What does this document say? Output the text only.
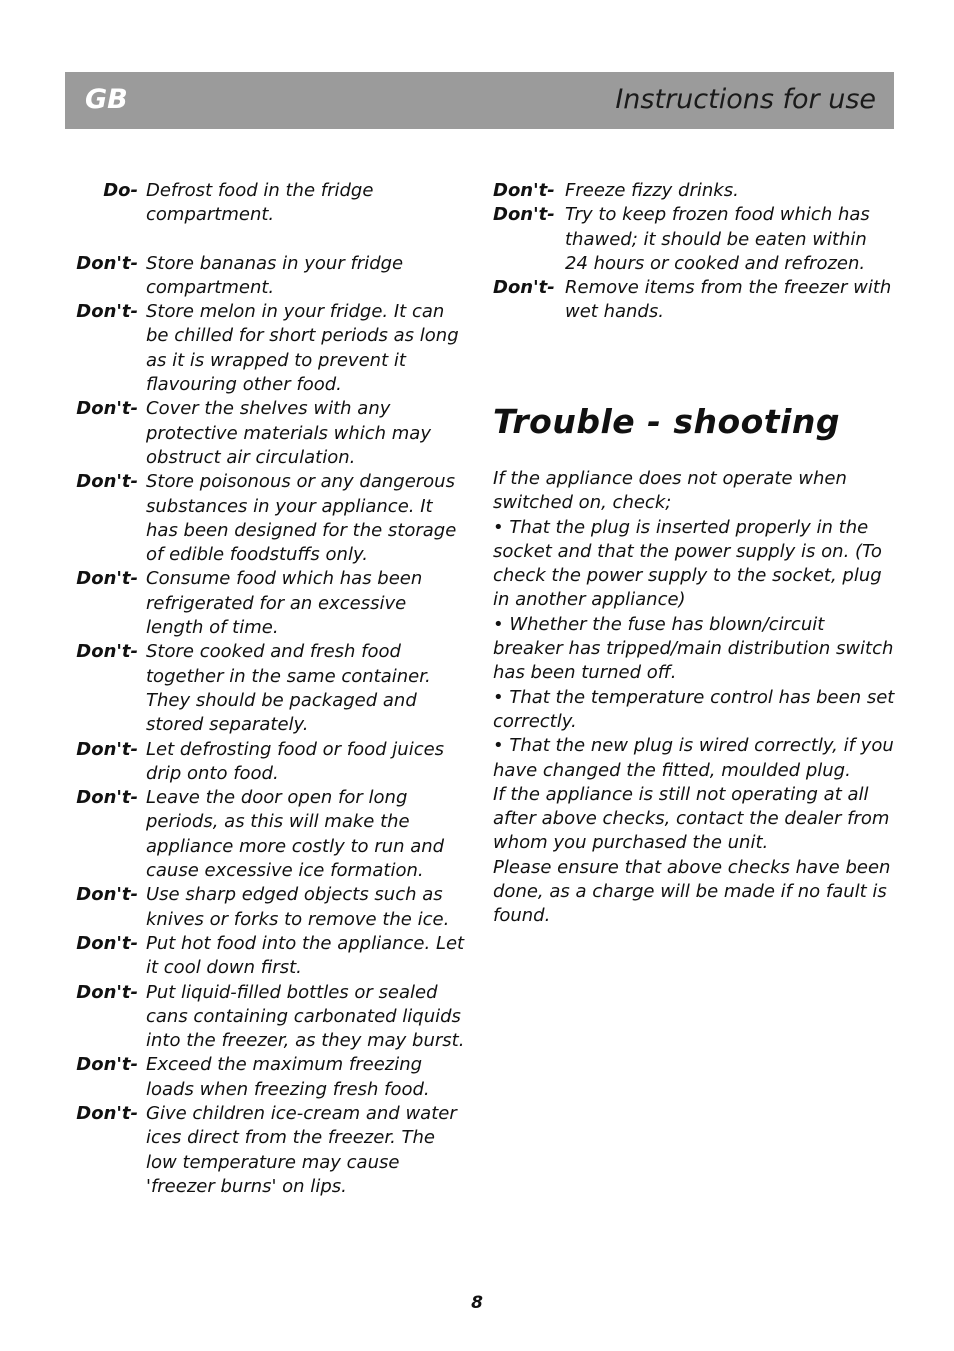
GB	Instructions for use
Do- Defrost food in the fridge compartment.
Don't- Store bananas in your fridge compartment.
Don't- Store melon in your fridge. It can be chilled for short periods as long as it is wrapped to prevent it flavouring other food.
Don't- Cover the shelves with any protective materials which may obstruct air circulation.
Don't- Store poisonous or any dangerous substances in your appliance. It has been designed for the storage of edible foodstuffs only.
Don't- Consume food which has been refrigerated for an excessive length of time.
Don't- Store cooked and fresh food together in the same container. They should be packaged and stored separately.
Don't- Let defrosting food or food juices drip onto food.
Don't- Leave the door open for long periods, as this will make the appliance more costly to run and cause excessive ice formation.
Don't- Use sharp edged objects such as knives or forks to remove the ice.
Don't- Put hot food into the appliance. Let it cool down first.
Don't- Put liquid-filled bottles or sealed cans containing carbonated liquids into the freezer, as they may burst.
Don't- Exceed the maximum freezing loads when freezing fresh food.
Don't- Give children ice-cream and water ices direct from the freezer. The low temperature may cause 'freezer burns' on lips.
Don't- Freeze fizzy drinks.
Don't- Try to keep frozen food which has thawed; it should be eaten within 24 hours or cooked and refrozen.
Don't- Remove items from the freezer with wet hands.
Trouble - shooting

If the appliance does not operate when switched on, check;

• That the plug is inserted properly in the socket and that the power supply is on. (To check the power supply to the socket, plug in another appliance)

• Whether the fuse has blown/circuit breaker has tripped/main distribution switch has been turned off.

• That the temperature control has been set correctly.

• That the new plug is wired correctly, if you have changed the fitted, moulded plug.

If the appliance is still not operating at all after above checks, contact the dealer from whom you purchased the unit.

Please ensure that above checks have been done, as a charge will be made if no fault is found.

8
